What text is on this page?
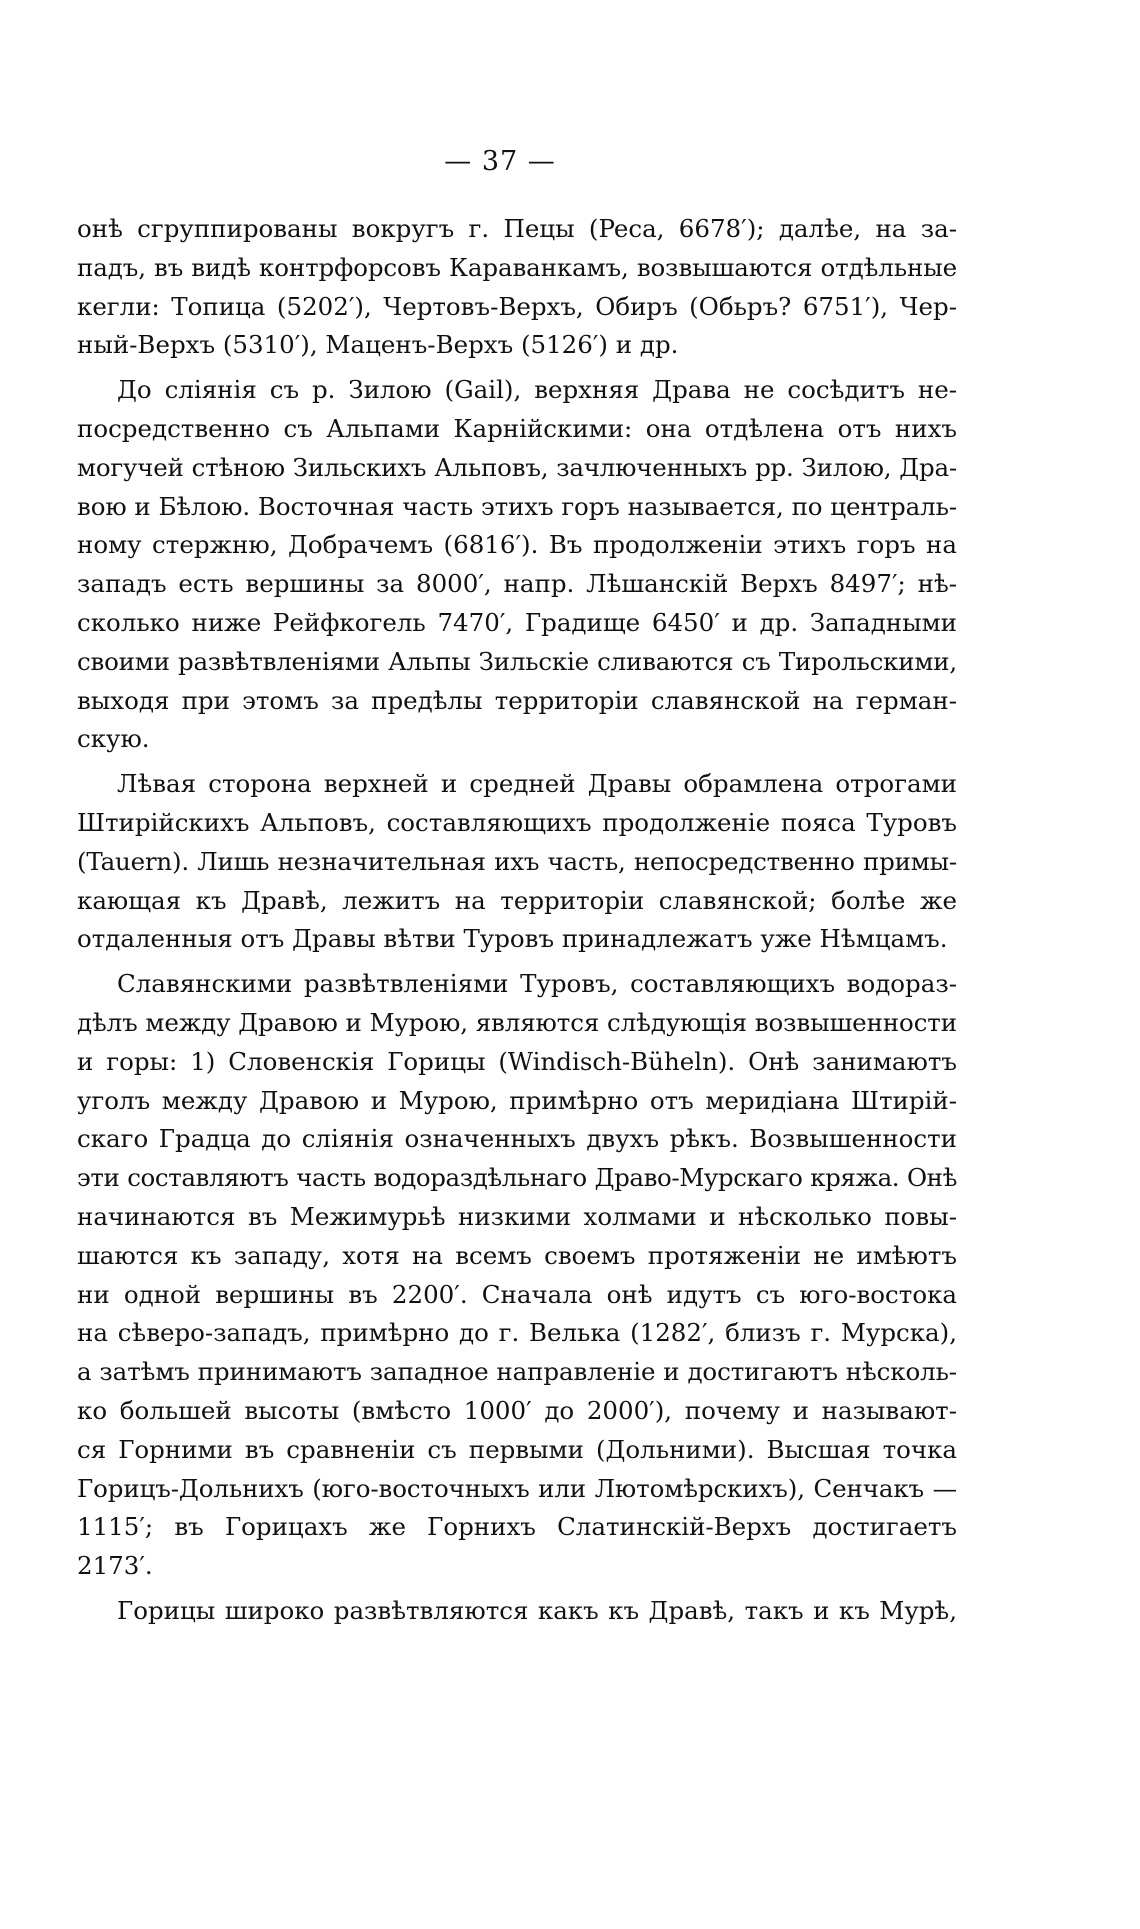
— 37 —
онѣ сгруппированы вокругъ г. Пецы (Peca, 6678′); далѣе, на за-
падъ, въ видѣ контрфорсовъ Караванкамъ, возвышаются отдѣльные
кегли: Топица (5202′), Чертовъ-Верхъ, Обиръ (Обьръ? 6751′), Чер-
ный-Верхъ (5310′), Маценъ-Верхъ (5126′) и др.
До слiянiя съ р. Зилою (Gail), верхняя Драва не сосѣдитъ не-
посредственно съ Альпами Карнiйскими: она отдѣлена отъ нихъ
могучей стѣною Зильскихъ Альповъ, зачлюченныхъ рр. Зилою, Дра-
вою и Бѣлою. Восточная часть этихъ горъ называется, по централь-
ному стержню, Добрачемъ (6816′). Въ продолженiи этихъ горъ на
западъ есть вершины за 8000′, напр. Лѣшанскiй Верхъ 8497′; нѣ-
сколько ниже Рейфкогель 7470′, Градище 6450′ и др. Западными
своими развѣтвленiями Альпы Зильскiе сливаются съ Тирольскими,
выходя при этомъ за предѣлы территорiи славянской на герман-
скую.
Лѣвая сторона верхней и средней Дравы обрамлена отрогами
Штирiйскихъ Альповъ, составляющихъ продолженiе пояса Туровъ
(Tauern). Лишь незначительная ихъ часть, непосредственно примы-
кающая къ Дравѣ, лежитъ на территорiи славянской; болѣе же
отдаленныя отъ Дравы вѣтви Туровъ принадлежатъ уже Нѣмцамъ.
Славянскими развѣтвленiями Туровъ, составляющихъ водораз-
дѣлъ между Дравою и Мурою, являются слѣдующiя возвышенности
и горы: 1) Словенскiя Горицы (Windisch-Büheln). Онѣ занимаютъ
уголъ между Дравою и Мурою, примѣрно отъ меридiана Штирiй-
скаго Градца до слiянiя означенныхъ двухъ рѣкъ. Возвышенности
эти составляютъ часть водораздѣльнаго Драво-Мурскаго кряжа. Онѣ
начинаются въ Межимурьѣ низкими холмами и нѣсколько повы-
шаются къ западу, хотя на всемъ своемъ протяженiи не имѣютъ
ни одной вершины въ 2200′. Сначала онѣ идутъ съ юго-востока
на сѣверо-западъ, примѣрно до г. Велька (1282′, близъ г. Мурска),
а затѣмъ принимаютъ западное направленiе и достигаютъ нѣсколь-
ко большей высоты (вмѣсто 1000′ до 2000′), почему и называют-
ся Горними въ сравненiи съ первыми (Дольними). Высшая точка
Горицъ-Дольнихъ (юго-восточныхъ или Лютомѣрскихъ), Сенчакъ —
1115′; въ Горицахъ же Горнихъ Слатинскiй-Верхъ достигаетъ
2173′.
Горицы широко развѣтвляются какъ къ Дравѣ, такъ и къ Мурѣ,
